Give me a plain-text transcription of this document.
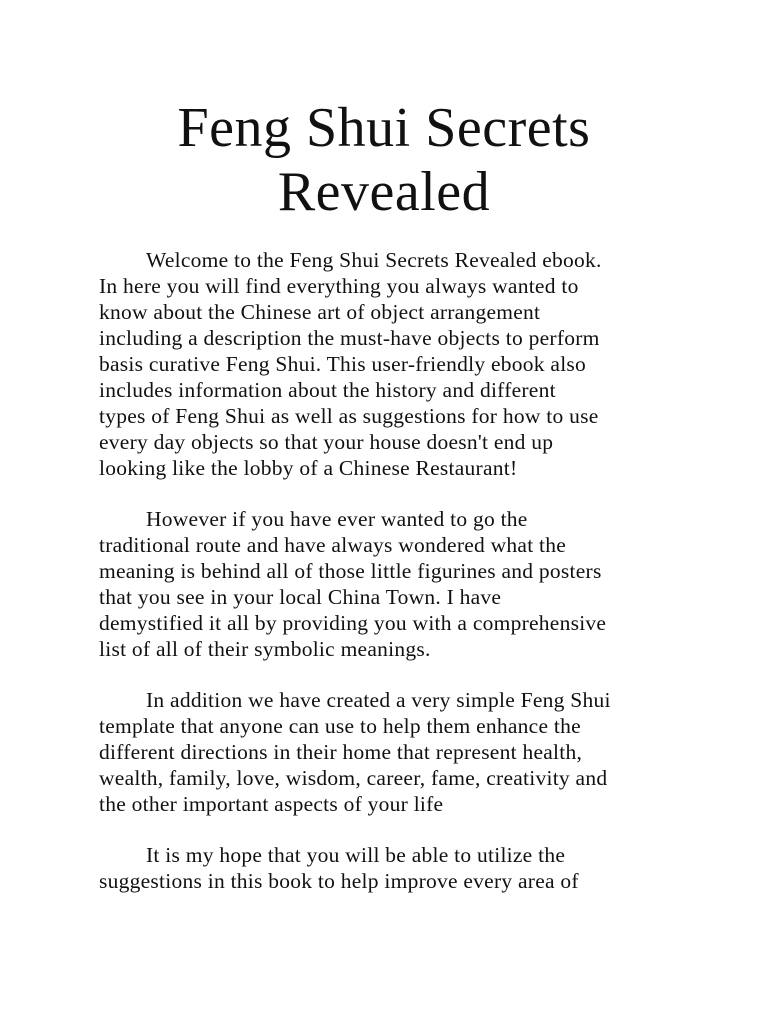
Feng Shui Secrets
Revealed

Welcome to the Feng Shui Secrets Revealed ebook.
In here you will find everything you always wanted to
know about the Chinese art of object arrangement
including a description the must-have objects to perform
basis curative Feng Shui. This user-friendly ebook also
includes information about the history and different
types of Feng Shui as well as suggestions for how to use
every day objects so that your house doesn't end up
looking like the lobby of a Chinese Restaurant!

However if you have ever wanted to go the
traditional route and have always wondered what the
meaning is behind all of those little figurines and posters
that you see in your local China Town. I have
demystified it all by providing you with a comprehensive
list of all of their symbolic meanings.

In addition we have created a very simple Feng Shui
template that anyone can use to help them enhance the
different directions in their home that represent health,
wealth, family, love, wisdom, career, fame, creativity and
the other important aspects of your life

It is my hope that you will be able to utilize the
suggestions in this book to help improve every area of
